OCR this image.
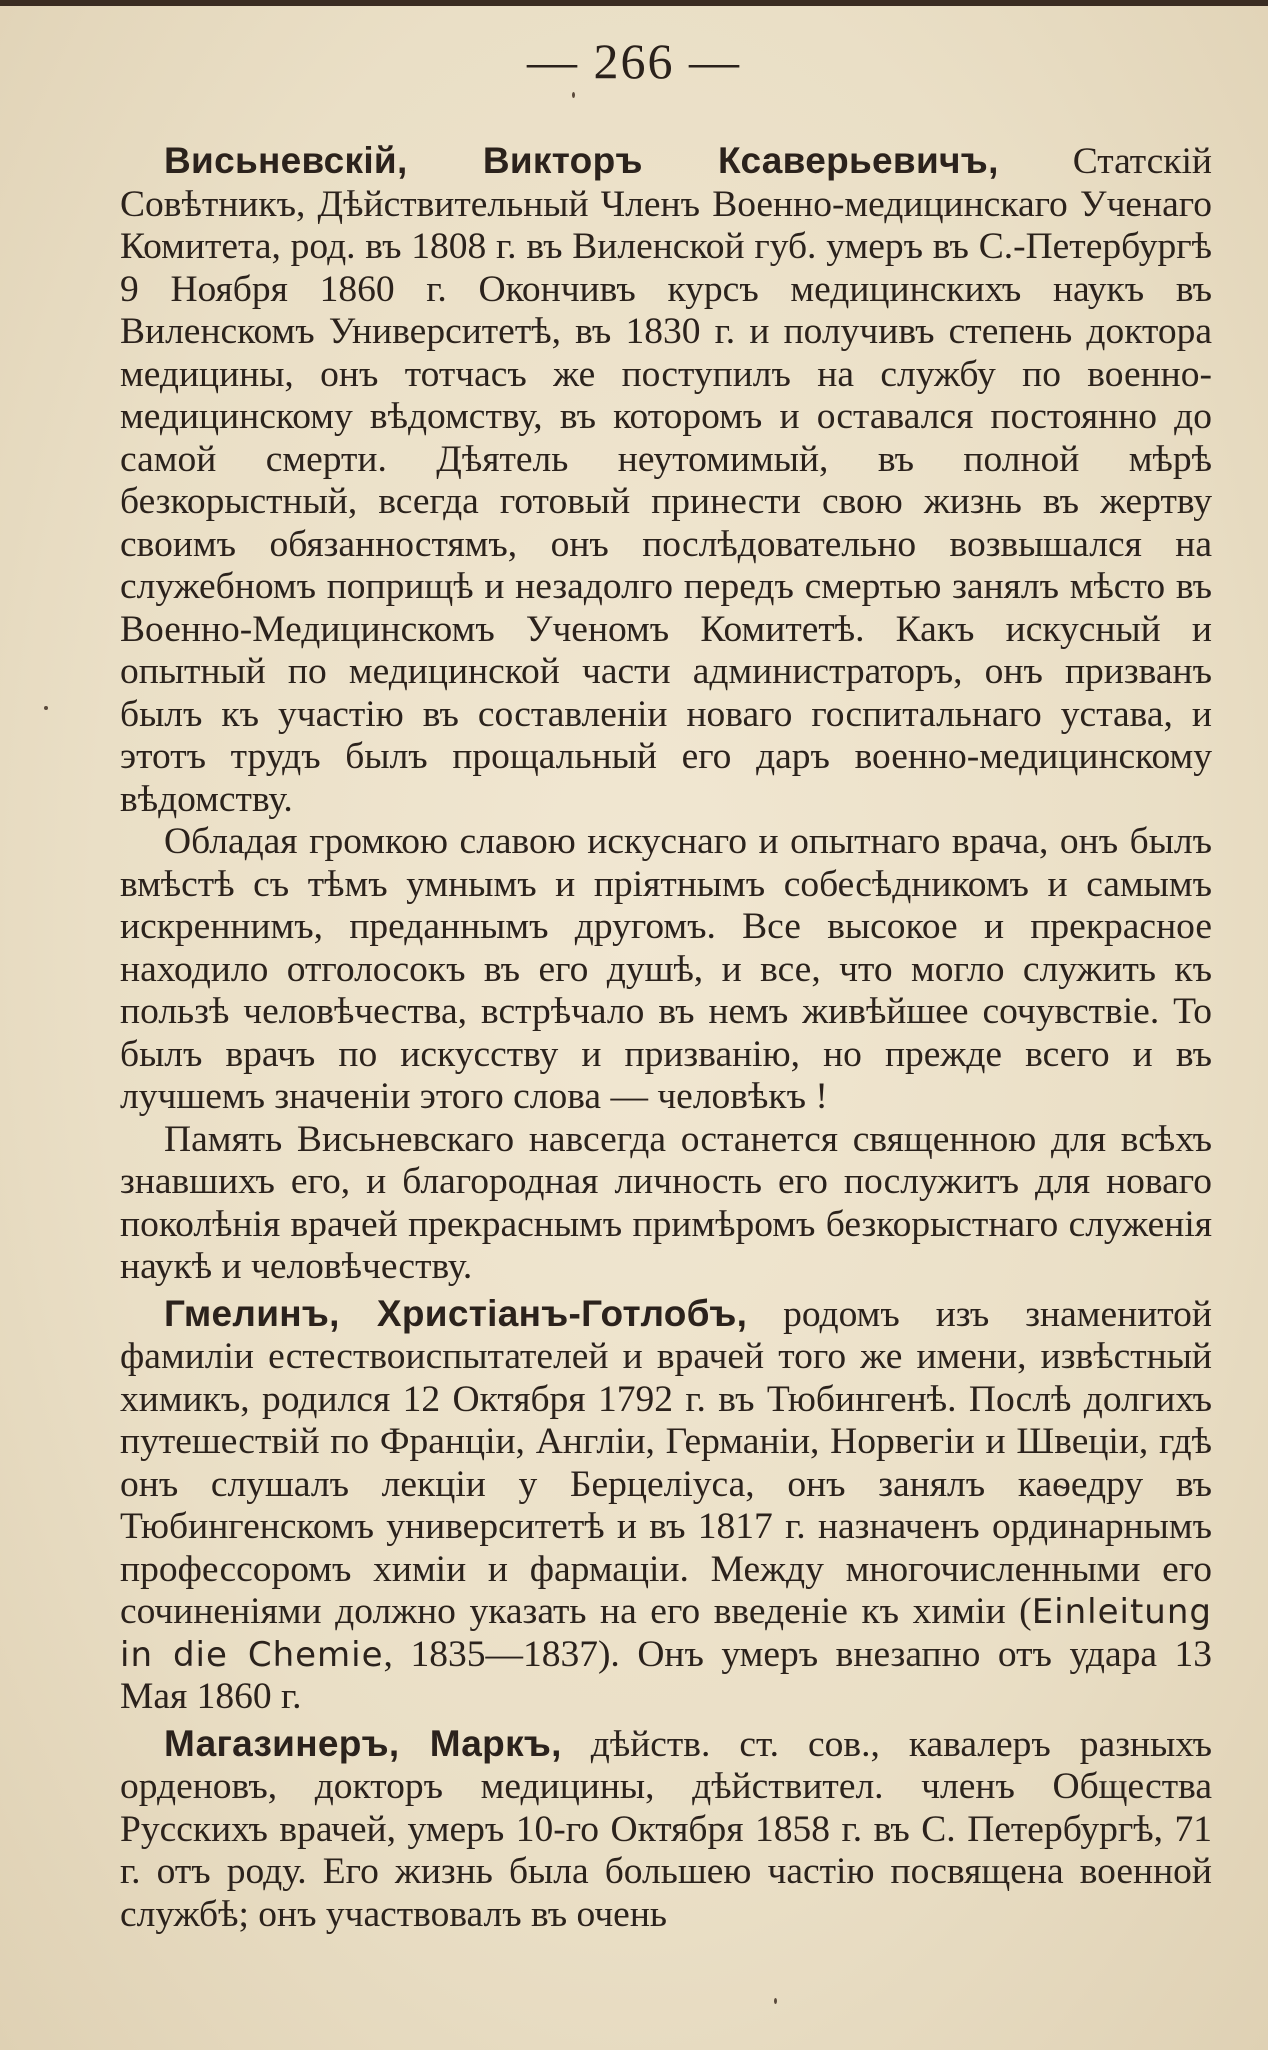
— 266 —

Висьневскій, Викторъ Ксаверьевичъ, Статскій Совѣтникъ, Дѣйствительный Членъ Военно-медицинскаго Ученаго Комитета, род. въ 1808 г. въ Виленской губ. умеръ въ С.-Петербургѣ 9 Ноября 1860 г. Окончивъ курсъ медицинскихъ наукъ въ Виленскомъ Университетѣ, въ 1830 г. и получивъ степень доктора медицины, онъ тотчасъ же поступилъ на службу по военно-медицинскому вѣдомству, въ которомъ и оставался постоянно до самой смерти. Дѣятель неутомимый, въ полной мѣрѣ безкорыстный, всегда готовый принести свою жизнь въ жертву своимъ обязанностямъ, онъ послѣдовательно возвышался на служебномъ поприщѣ и незадолго передъ смертью занялъ мѣсто въ Военно-Медицинскомъ Ученомъ Комитетѣ. Какъ искусный и опытный по медицинской части администраторъ, онъ призванъ былъ къ участію въ составленіи новаго госпитальнаго устава, и этотъ трудъ былъ прощальный его даръ военно-медицинскому вѣдомству.

Обладая громкою славою искуснаго и опытнаго врача, онъ былъ вмѣстѣ съ тѣмъ умнымъ и пріятнымъ собесѣдникомъ и самымъ искреннимъ, преданнымъ другомъ. Все высокое и прекрасное находило отголосокъ въ его душѣ, и все, что могло служить къ пользѣ человѣчества, встрѣчало въ немъ живѣйшее сочувствіе. То былъ врачъ по искусству и призванію, но прежде всего и въ лучшемъ значеніи этого слова — человѣкъ !

Память Висьневскаго навсегда останется священною для всѣхъ знавшихъ его, и благородная личность его послужитъ для новаго поколѣнія врачей прекраснымъ примѣромъ безкорыстнаго служенія наукѣ и человѣчеству.

Гмелинъ, Христіанъ-Готлобъ, родомъ изъ знаменитой фамиліи естествоиспытателей и врачей того же имени, извѣстный химикъ, родился 12 Октября 1792 г. въ Тюбингенѣ. Послѣ долгихъ путешествій по Франціи, Англіи, Германіи, Норвегіи и Швеціи, гдѣ онъ слушалъ лекціи у Берцеліуса, онъ занялъ каѳедру въ Тюбингенскомъ университетѣ и въ 1817 г. назначенъ ординарнымъ профессоромъ химіи и фармаціи. Между многочисленными его сочиненіями должно указать на его введеніе къ химіи (Einleitung in die Chemie, 1835—1837). Онъ умеръ внезапно отъ удара 13 Мая 1860 г.

Магазинеръ, Маркъ, дѣйств. ст. сов., кавалеръ разныхъ орденовъ, докторъ медицины, дѣйствител. членъ Общества Русскихъ врачей, умеръ 10-го Октября 1858 г. въ С. Петербургѣ, 71 г. отъ роду. Его жизнь была большею частію посвящена военной службѣ; онъ участвовалъ въ очень
